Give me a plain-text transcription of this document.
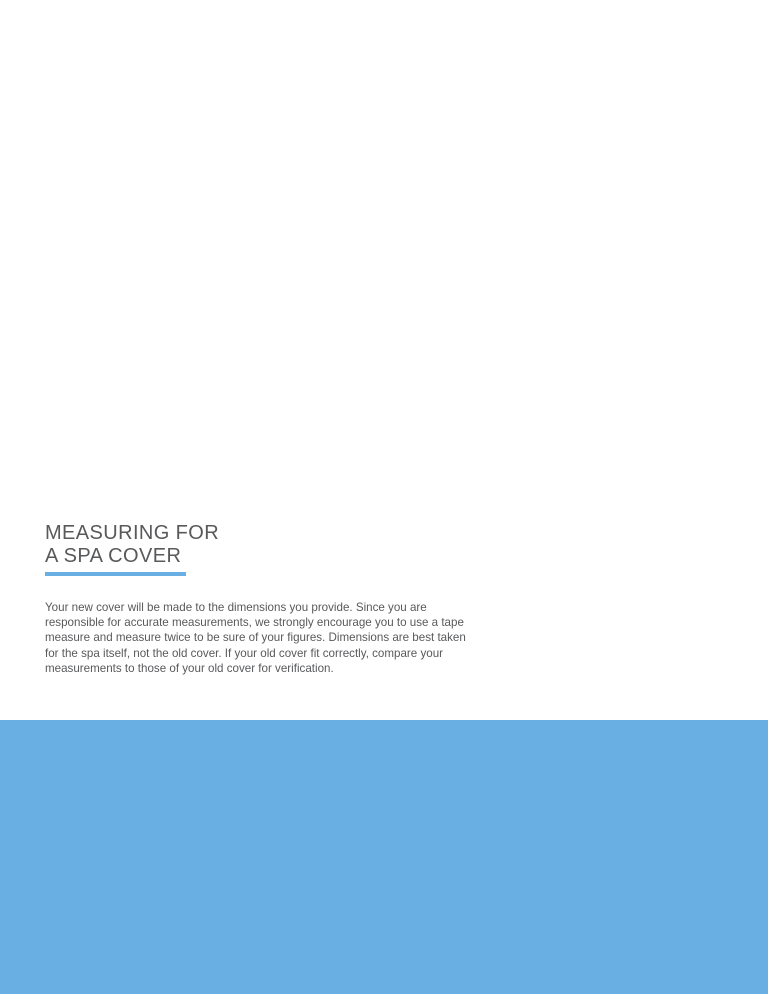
MEASURING FOR
A SPA COVER

Your new cover will be made to the dimensions you provide. Since you are responsible for accurate measurements, we strongly encourage you to use a tape measure and measure twice to be sure of your figures. Dimensions are best taken for the spa itself, not the old cover. If your old cover fit correctly, compare your measurements to those of your old cover for verification.
